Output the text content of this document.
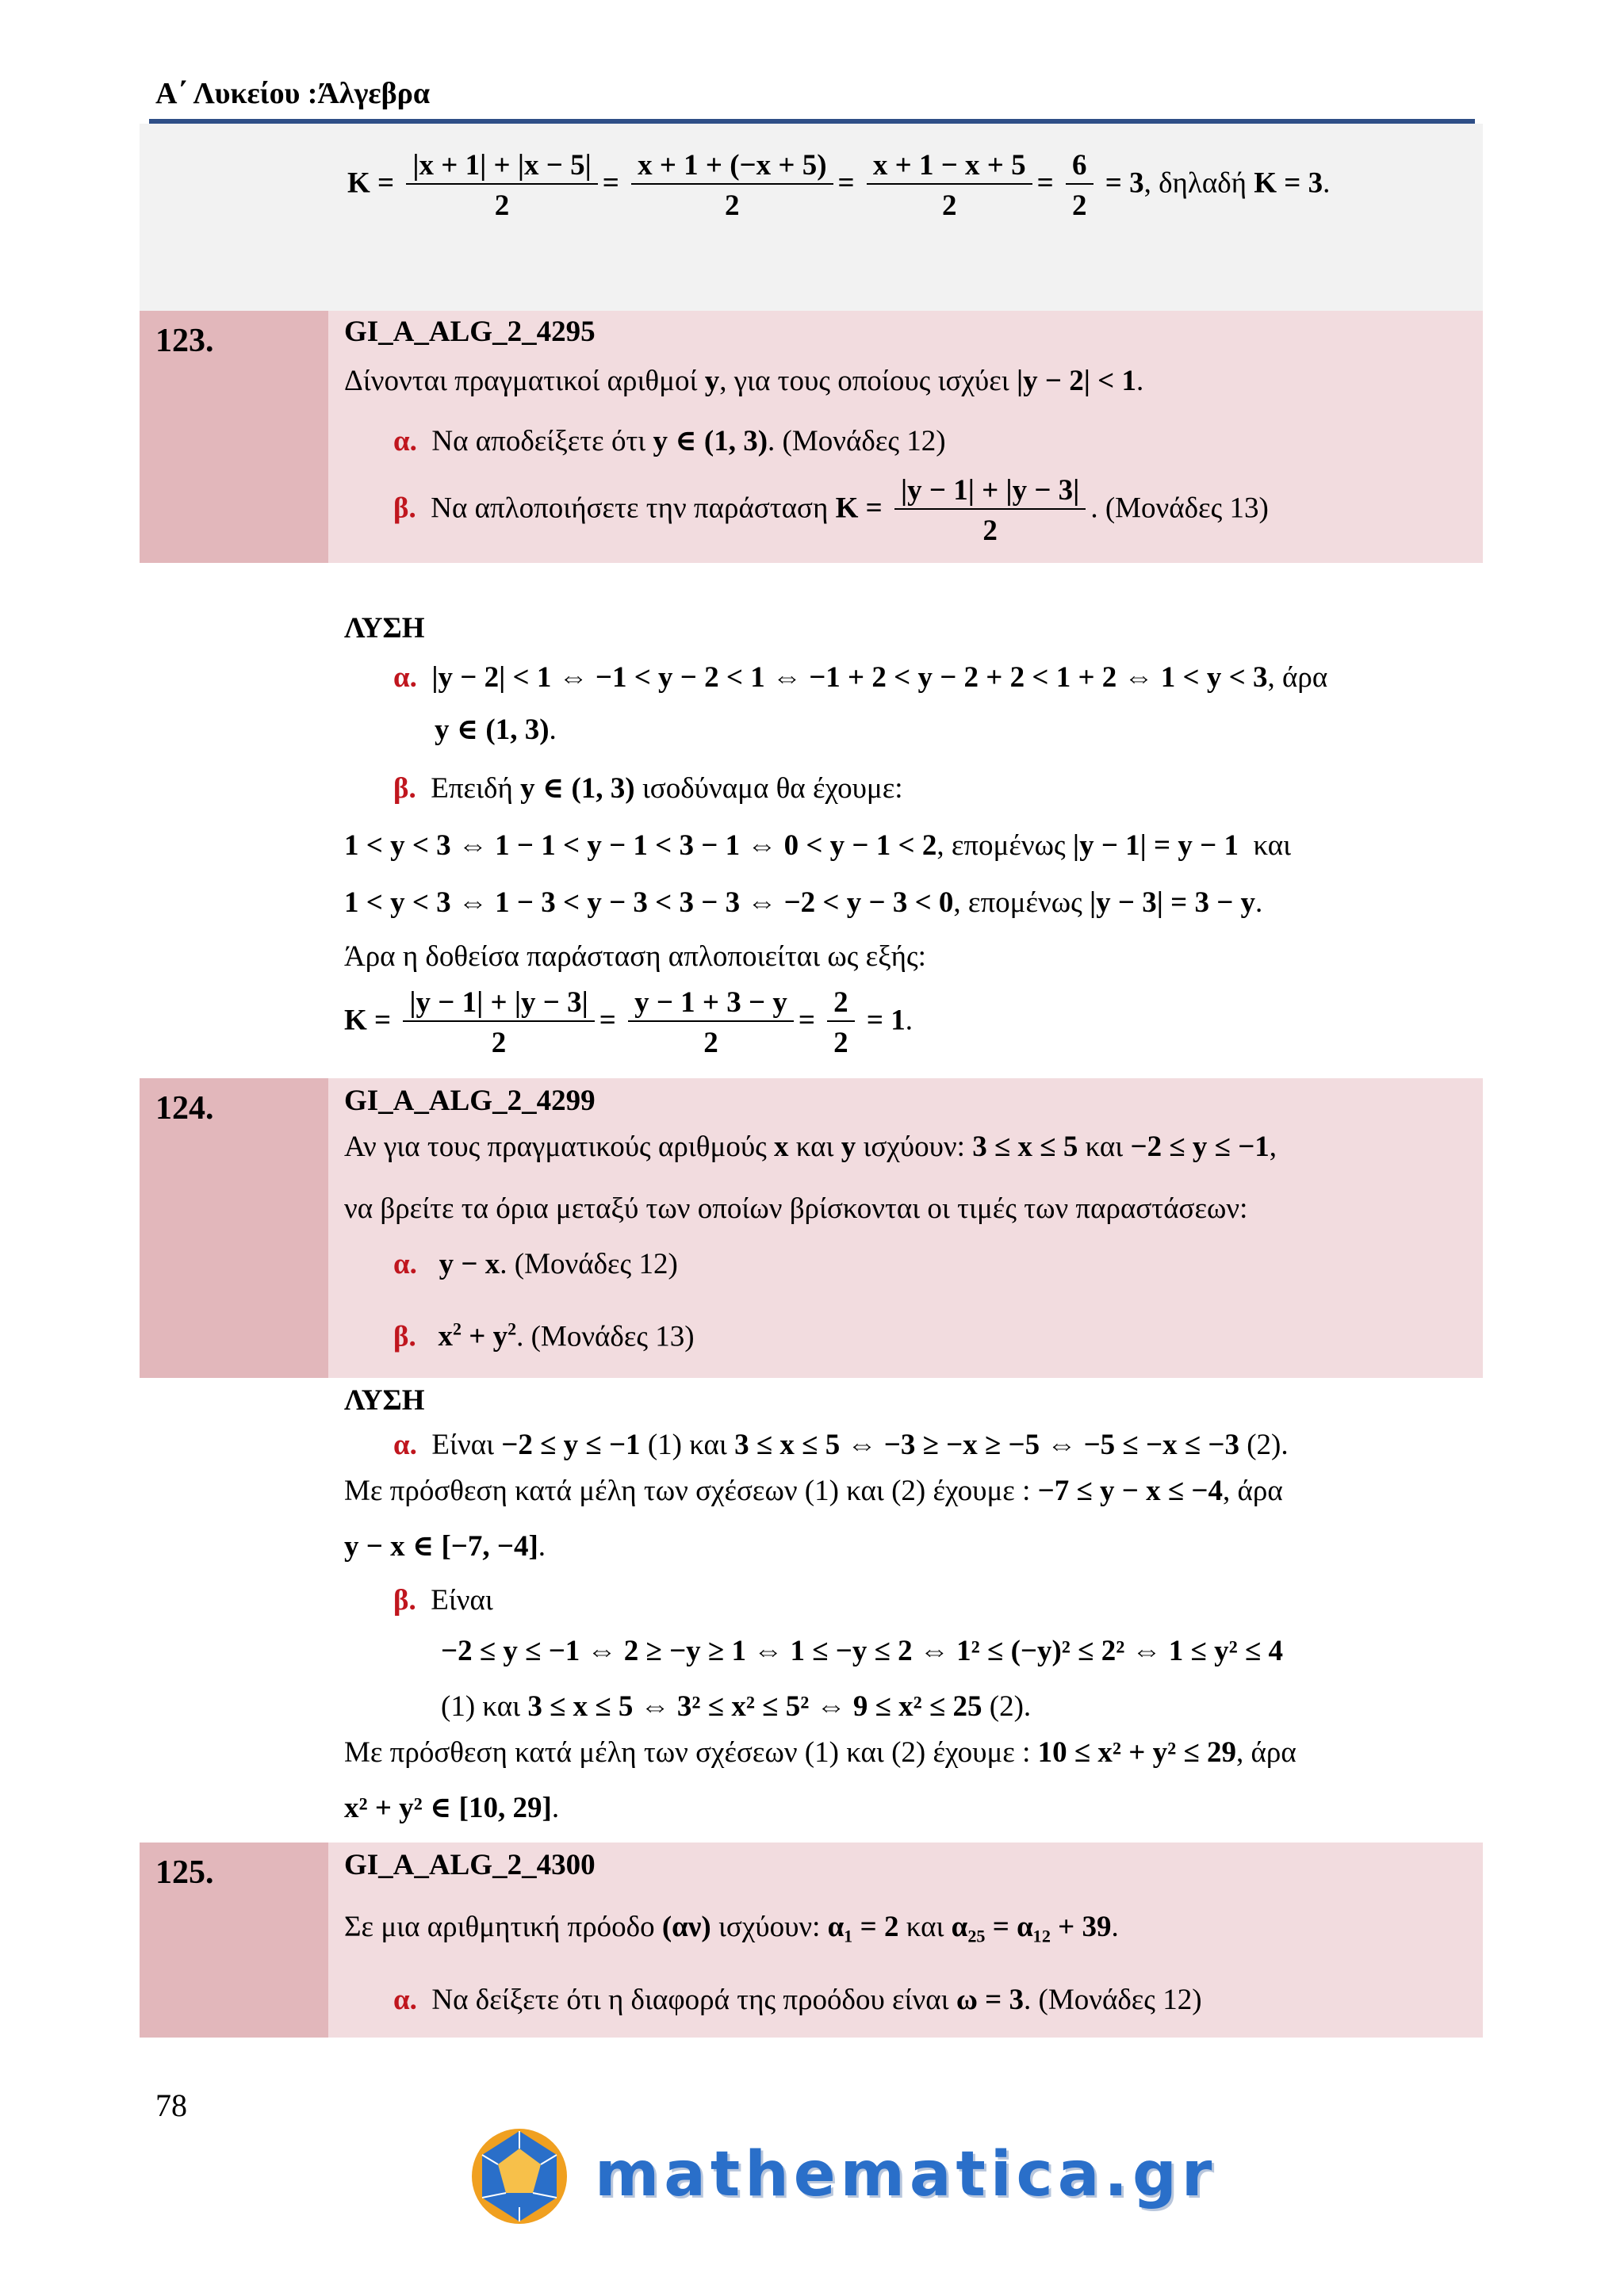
Α΄ Λυκείου :Άλγεβρα
$K = \frac{|x + 1| + |x - 5|}{2} = \frac{x + 1 + (-x + 5)}{2} = \frac{x + 1 - x + 5}{2} = \frac{6}{2} = 3$, δηλαδή K = 3.
123.	GI_A_ALG_2_4295
Δίνονται πραγματικοί αριθμοί y, για τους οποίους ισχύει |y − 2| < 1.
α. Να αποδείξετε ότι y ∈ (1, 3). (Μονάδες 12)
β. Να απλοποιήσετε την παράσταση $K = \frac{|y - 1| + |y - 3|}{2}$ . (Μονάδες 13)
ΛΥΣΗ
α. |y − 2| < 1 ⇔ −1 < y − 2 < 1 ⇔ −1 + 2 < y − 2 + 2 < 1 + 2 ⇔ 1 < y < 3, άρα
y ∈ (1, 3).
β. Επειδή y ∈ (1, 3) ισοδύναμα θα έχουμε:
1 < y < 3 ⇔ 1 − 1 < y − 1 < 3 − 1 ⇔ 0 < y − 1 < 2, επομένως |y − 1| = y − 1 και
1 < y < 3 ⇔ 1 − 3 < y − 3 < 3 − 3 ⇔ −2 < y − 3 < 0, επομένως |y − 3| = 3 − y.
Άρα η δοθείσα παράσταση απλοποιείται ως εξής:
$K = \frac{|y - 1| + |y - 3|}{2} = \frac{y - 1 + 3 - y}{2} = \frac{2}{2} = 1$.
124.	GI_A_ALG_2_4299
Αν για τους πραγματικούς αριθμούς x και y ισχύουν: 3 ≤ x ≤ 5 και −2 ≤ y ≤ −1,
να βρείτε τα όρια μεταξύ των οποίων βρίσκονται οι τιμές των παραστάσεων:
α. y − x. (Μονάδες 12)
β. $x^2 + y^2$. (Μονάδες 13)
ΛΥΣΗ
α. Είναι −2 ≤ y ≤ −1 (1) και 3 ≤ x ≤ 5 ⇔ −3 ≥ −x ≥ −5 ⇔ −5 ≤ −x ≤ −3 (2).
Με πρόσθεση κατά μέλη των σχέσεων (1) και (2) έχουμε : −7 ≤ y − x ≤ −4, άρα
y − x ∈ [−7, −4].
β. Είναι
−2 ≤ y ≤ −1 ⇔ 2 ≥ −y ≥ 1 ⇔ 1 ≤ −y ≤ 2 ⇔ 1² ≤ (−y)² ≤ 2² ⇔ 1 ≤ y² ≤ 4
(1) και 3 ≤ x ≤ 5 ⇔ 3² ≤ x² ≤ 5² ⇔ 9 ≤ x² ≤ 25 (2).
Με πρόσθεση κατά μέλη των σχέσεων (1) και (2) έχουμε : 10 ≤ x² + y² ≤ 29, άρα
x² + y² ∈ [10, 29].
125.	GI_A_ALG_2_4300
Σε μια αριθμητική πρόοδο (αν) ισχύουν: α₁ = 2 και α₂₅ = α₁₂ + 39.
α. Να δείξετε ότι η διαφορά της προόδου είναι ω = 3. (Μονάδες 12)
78
mathematica.gr
